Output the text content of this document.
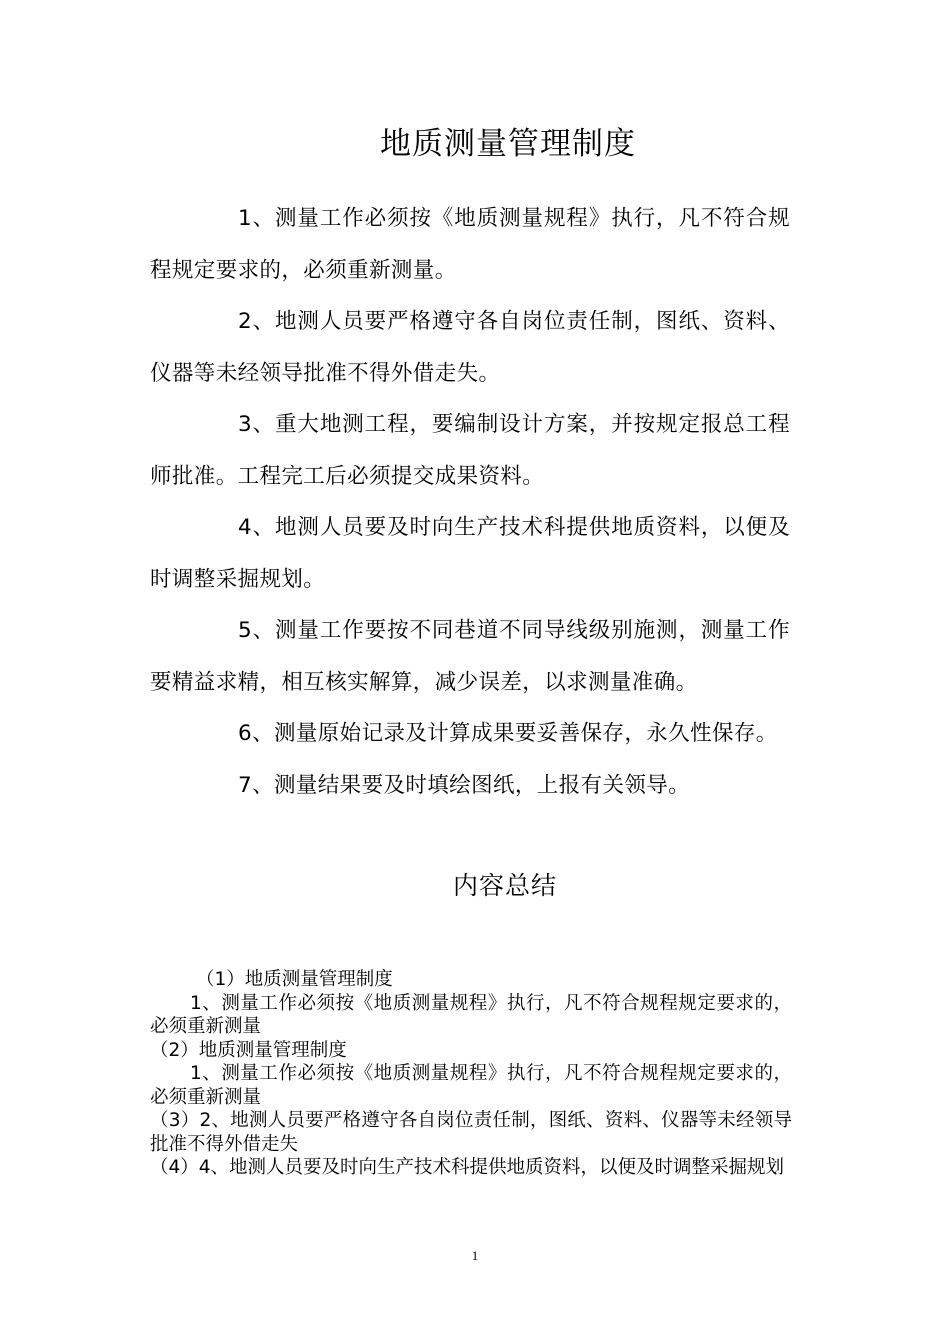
地质测量管理制度

1、测量工作必须按《地质测量规程》执行，凡不符合规程规定要求的，必须重新测量。

2、地测人员要严格遵守各自岗位责任制，图纸、资料、仪器等未经领导批准不得外借走失。

3、重大地测工程，要编制设计方案，并按规定报总工程师批准。工程完工后必须提交成果资料。

4、地测人员要及时向生产技术科提供地质资料，以便及时调整采掘规划。

5、测量工作要按不同巷道不同导线级别施测，测量工作要精益求精，相互核实解算，减少误差，以求测量准确。

6、测量原始记录及计算成果要妥善保存，永久性保存。

7、测量结果要及时填绘图纸，上报有关领导。

内容总结

（1）地质测量管理制度

1、测量工作必须按《地质测量规程》执行，凡不符合规程规定要求的，必须重新测量

（2）地质测量管理制度

1、测量工作必须按《地质测量规程》执行，凡不符合规程规定要求的，必须重新测量

（3）2、地测人员要严格遵守各自岗位责任制，图纸、资料、仪器等未经领导批准不得外借走失

（4）4、地测人员要及时向生产技术科提供地质资料，以便及时调整采掘规划

1
